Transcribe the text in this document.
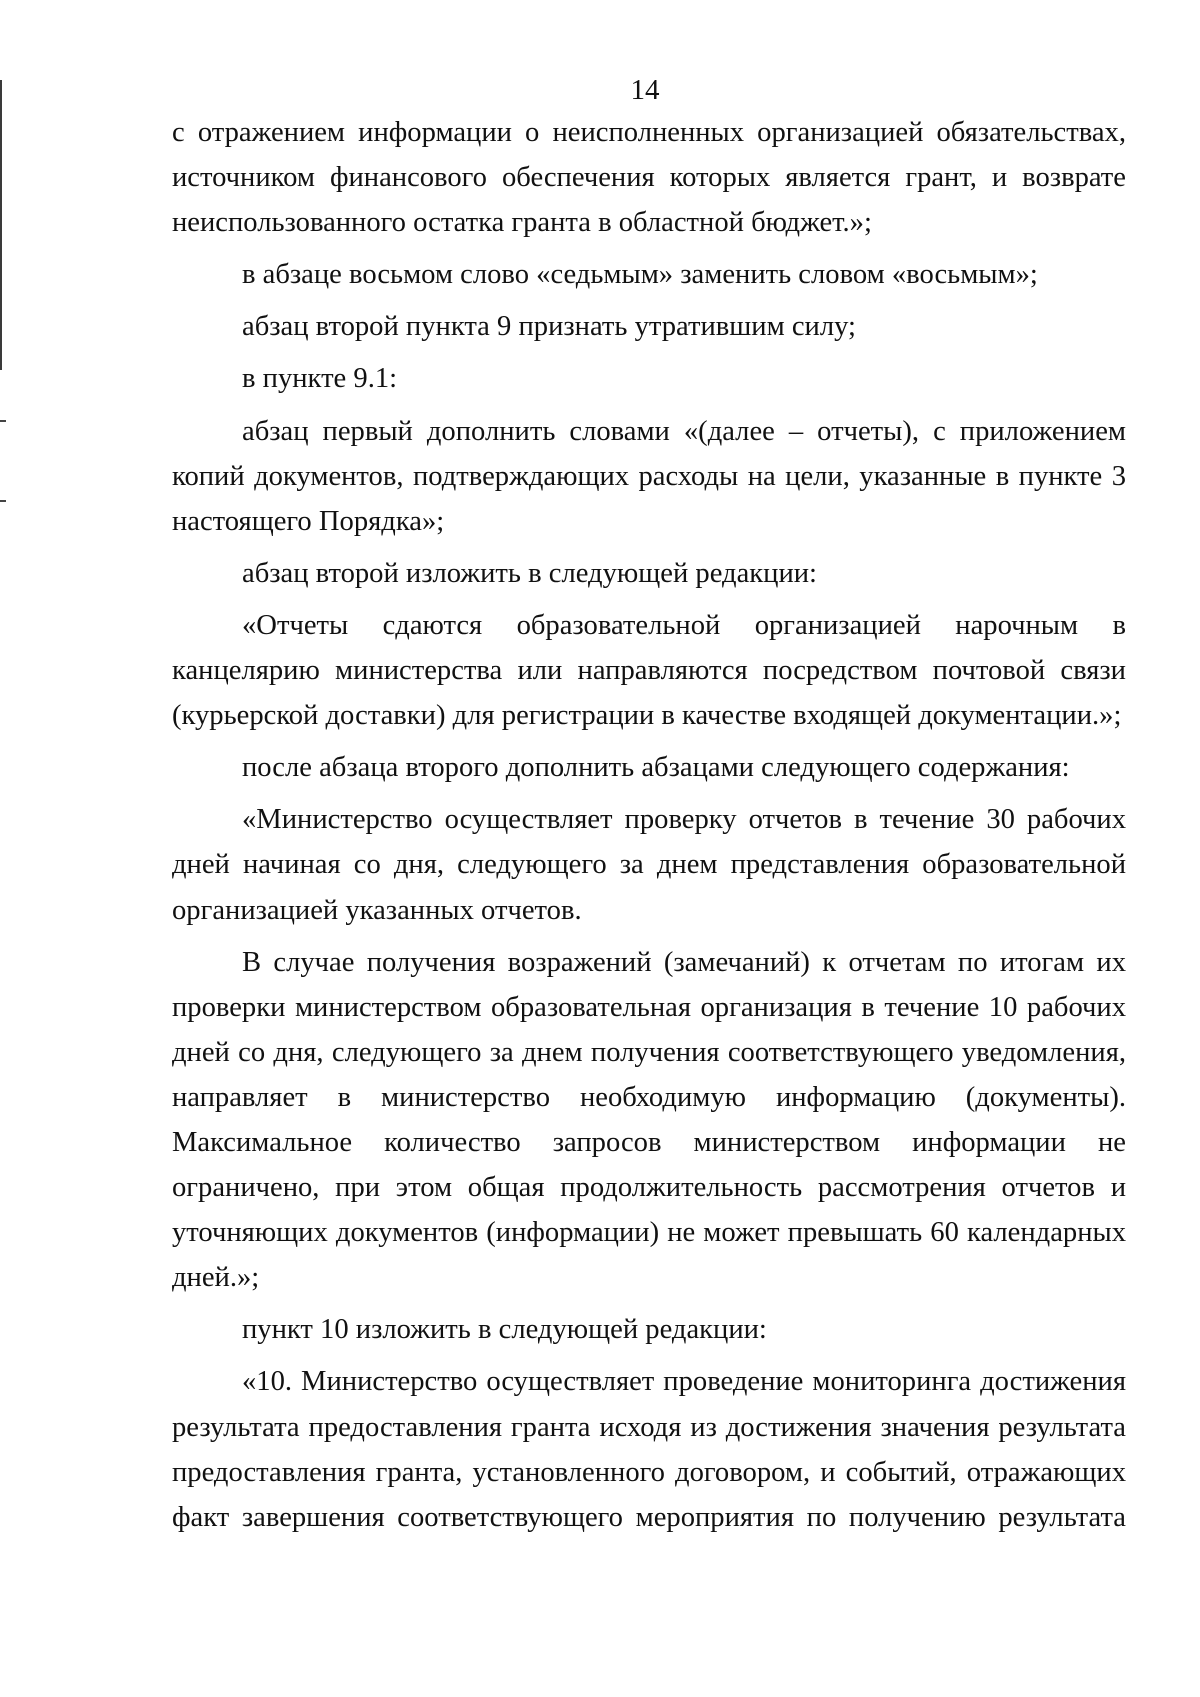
14

с отражением информации о неисполненных организацией обязательствах, источником финансового обеспечения которых является грант, и возврате неиспользованного остатка гранта в областной бюджет.»;

в абзаце восьмом слово «седьмым» заменить словом «восьмым»;

абзац второй пункта 9 признать утратившим силу;

в пункте 9.1:

абзац первый дополнить словами «(далее – отчеты), с приложением копий документов, подтверждающих расходы на цели, указанные в пункте 3 настоящего Порядка»;

абзац второй изложить в следующей редакции:

«Отчеты сдаются образовательной организацией нарочным в канцелярию министерства или направляются посредством почтовой связи (курьерской доставки) для регистрации в качестве входящей документации.»;

после абзаца второго дополнить абзацами следующего содержания:

«Министерство осуществляет проверку отчетов в течение 30 рабочих дней начиная со дня, следующего за днем представления образовательной организацией указанных отчетов.

В случае получения возражений (замечаний) к отчетам по итогам их проверки министерством образовательная организация в течение 10 рабочих дней со дня, следующего за днем получения соответствующего уведомления, направляет в министерство необходимую информацию (документы). Максимальное количество запросов министерством информации не ограничено, при этом общая продолжительность рассмотрения отчетов и уточняющих документов (информации) не может превышать 60 календарных дней.»;

пункт 10 изложить в следующей редакции:

«10. Министерство осуществляет проведение мониторинга достижения результата предоставления гранта исходя из достижения значения результата предоставления гранта, установленного договором, и событий, отражающих факт завершения соответствующего мероприятия по получению результата
